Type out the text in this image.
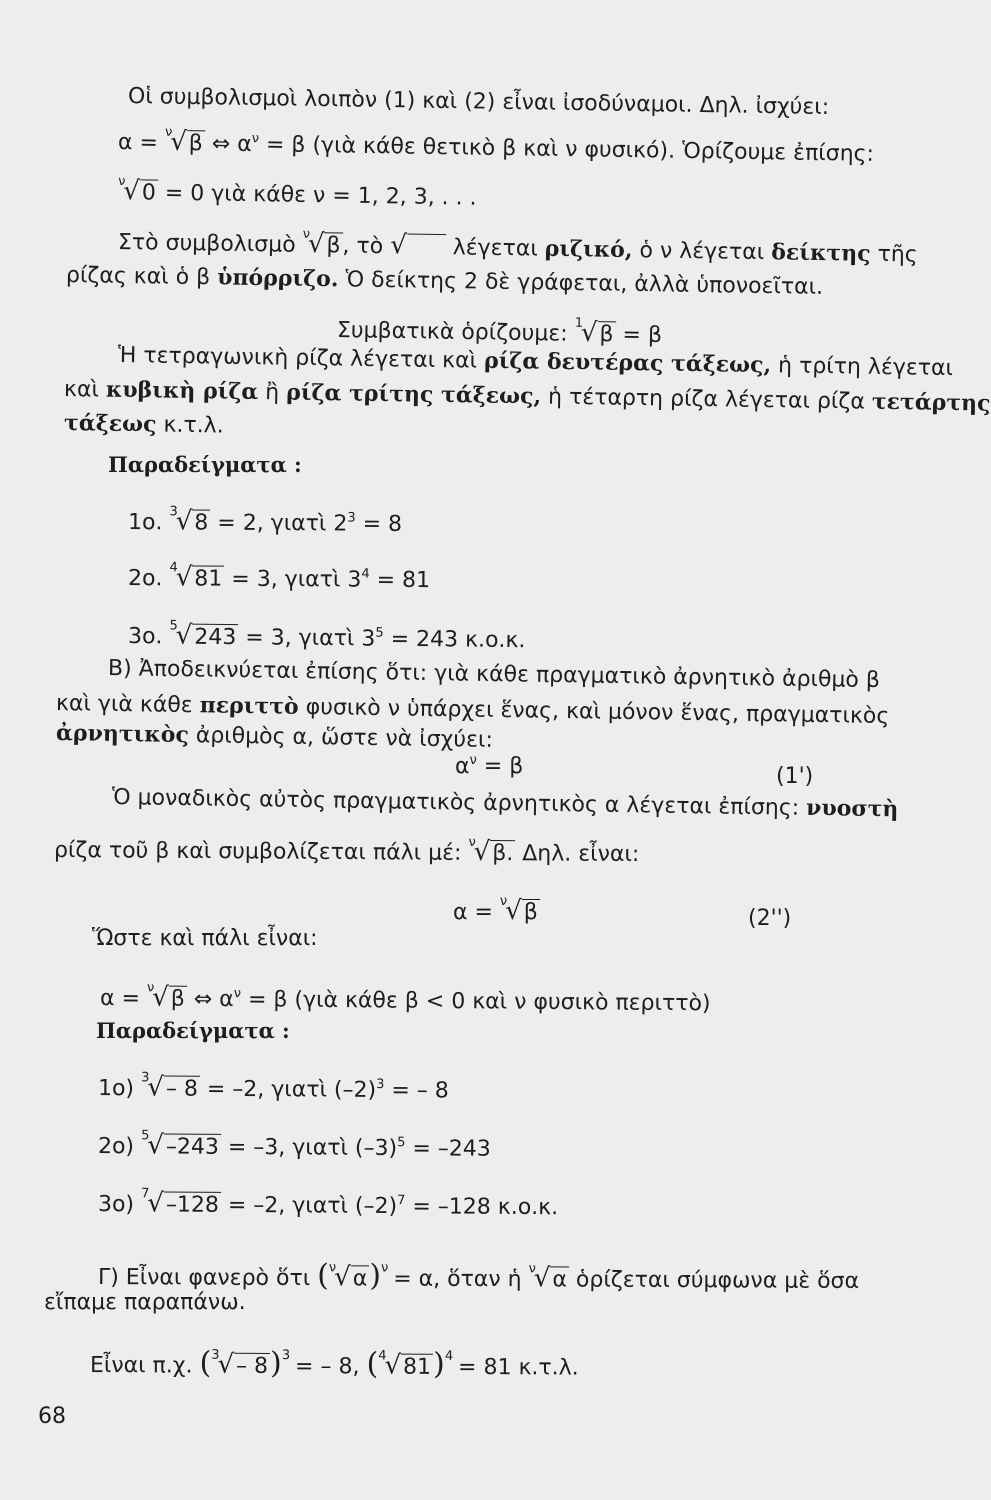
Οἱ συμβολισμοὶ λοιπὸν (1) καὶ (2) εἶναι ἰσοδύναμοι. Δηλ. ἰσχύει:
α = $^\nu$√β ⇔ $\alpha^\nu = \beta$ (γιὰ κάθε θετικὸ β καὶ ν φυσικό). Ὁρίζουμε ἐπίσης:
$^\nu$√0 = 0 γιὰ κάθε ν = 1, 2, 3, . . .
Στὸ συμβολισμὸ $^\nu$√β, τὸ √      λέγεται ριζικό, ὁ ν λέγεται δείκτης τῆς
ρίζας καὶ ὁ β ὑπόρριζο. Ὁ δείκτης 2 δὲ γράφεται, ἀλλὰ ὑπονοεῖται.
Συμβατικὰ ὁρίζουμε: $^1$√β = β
Ἡ τετραγωνικὴ ρίζα λέγεται καὶ ρίζα δευτέρας τάξεως, ἡ τρίτη λέγεται
καὶ κυβικὴ ρίζα ἢ ρίζα τρίτης τάξεως, ἡ τέταρτη ρίζα λέγεται ρίζα τετάρτης
τάξεως κ.τ.λ.
Παραδείγματα :
1ο. $^3$√8 = 2, γιατὶ $2^3 = 8$
2ο. $^4$√81 = 3, γιατὶ $3^4 = 81$
3ο. $^5$√243 = 3, γιατὶ $3^5 = 243$ κ.ο.κ.
Β) Ἀποδεικνύεται ἐπίσης ὅτι: γιὰ κάθε πραγματικὸ ἀρνητικὸ ἀριθμὸ β
καὶ γιὰ κάθε περιττὸ φυσικὸ ν ὑπάρχει ἕνας, καὶ μόνον ἕνας, πραγματικὸς
ἀρνητικὸς ἀριθμὸς α, ὥστε νὰ ἰσχύει:
$\alpha^\nu = \beta$	(1')
Ὁ μοναδικὸς αὐτὸς πραγματικὸς ἀρνητικὸς α λέγεται ἐπίσης: νυοστὴ
ρίζα τοῦ β καὶ συμβολίζεται πάλι μέ: $^\nu$√β. Δηλ. εἶναι:
α = $^\nu$√β	(2'')
Ὥστε καὶ πάλι εἶναι:
α = $^\nu$√β ⇔ $\alpha^\nu = \beta$ (γιὰ κάθε β < 0 καὶ ν φυσικὸ περιττὸ)
Παραδείγματα :
1ο) $^3$√– 8 = –2, γιατὶ $(-2)^3$ = – 8
2ο) $^5$√–243 = –3, γιατὶ $(-3)^5 = -243$
3ο) $^7$√–128 = –2, γιατὶ $(-2)^7 = -128$ κ.ο.κ.
Γ) Εἶναι φανερὸ ὅτι $(^\nu√\alpha)^\nu = \alpha$, ὅταν ἡ $^\nu$√α ὁρίζεται σύμφωνα μὲ ὅσα
εἴπαμε παραπάνω.
Εἶναι π.χ. ($^3$√– 8)$^3$ = – 8, $(^4√81)^4 = 81$ κ.τ.λ.
68
